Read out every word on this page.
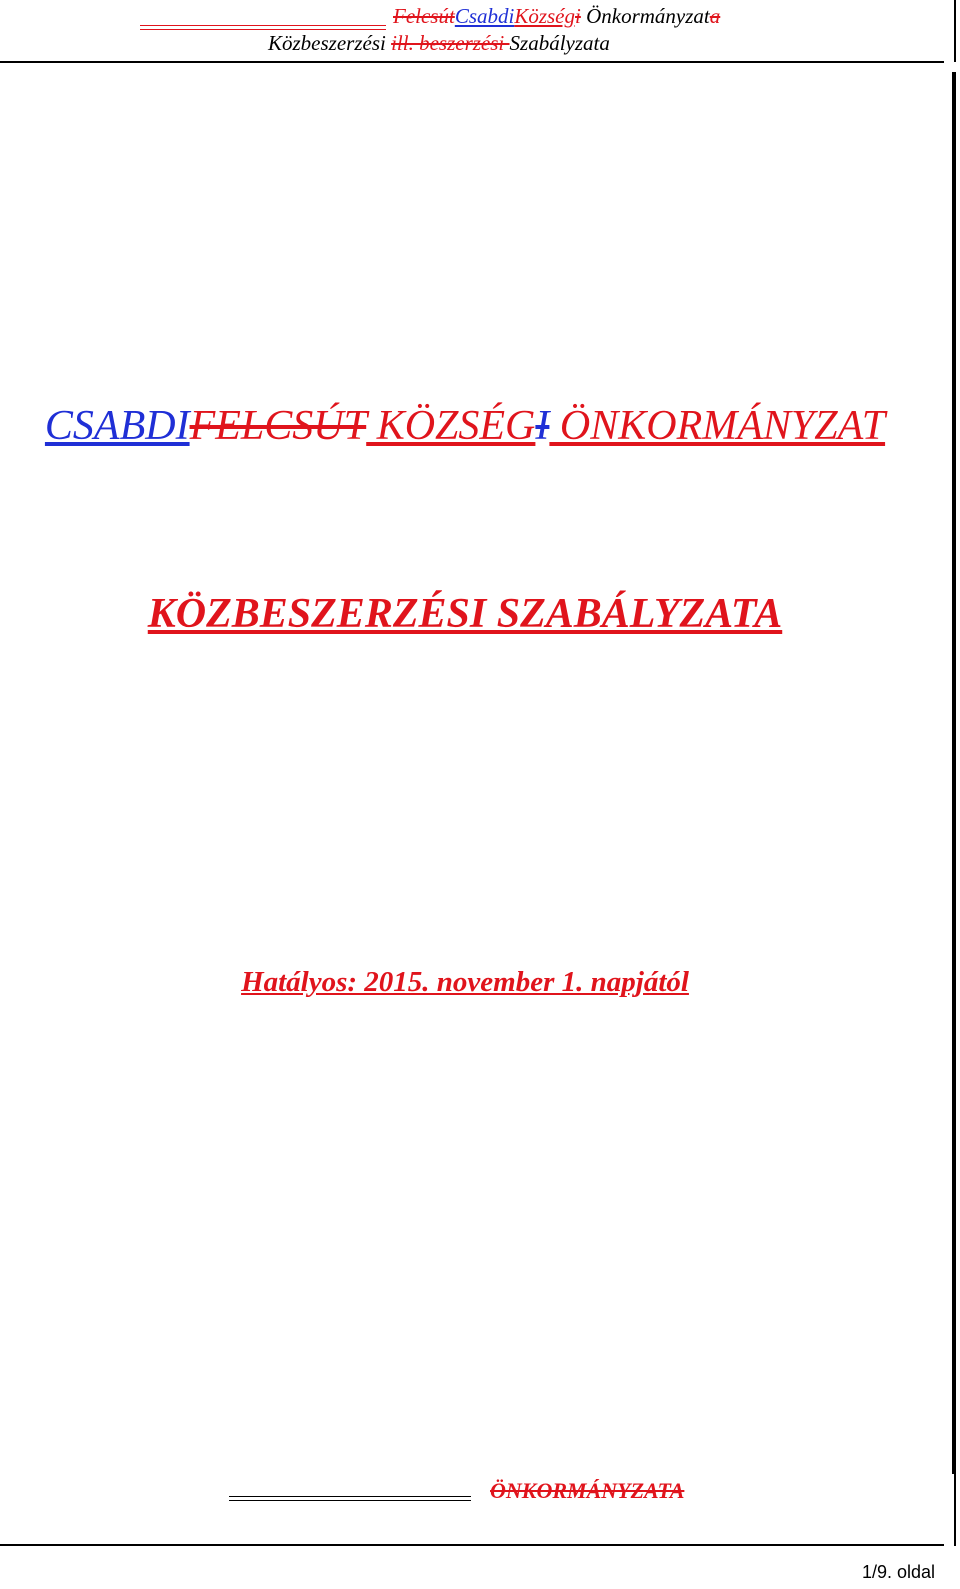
FelcsútCsabdiKözségi Önkormányzata
Közbeszerzési ill. beszerzési Szabályzata
CSABDIFELCSÚT KÖZSÉGI ÖNKORMÁNYZAT
KÖZBESZERZÉSI SZABÁLYZATA
Hatályos: 2015. november 1. napjától
ÖNKORMÁNYZATA
1/9. oldal
